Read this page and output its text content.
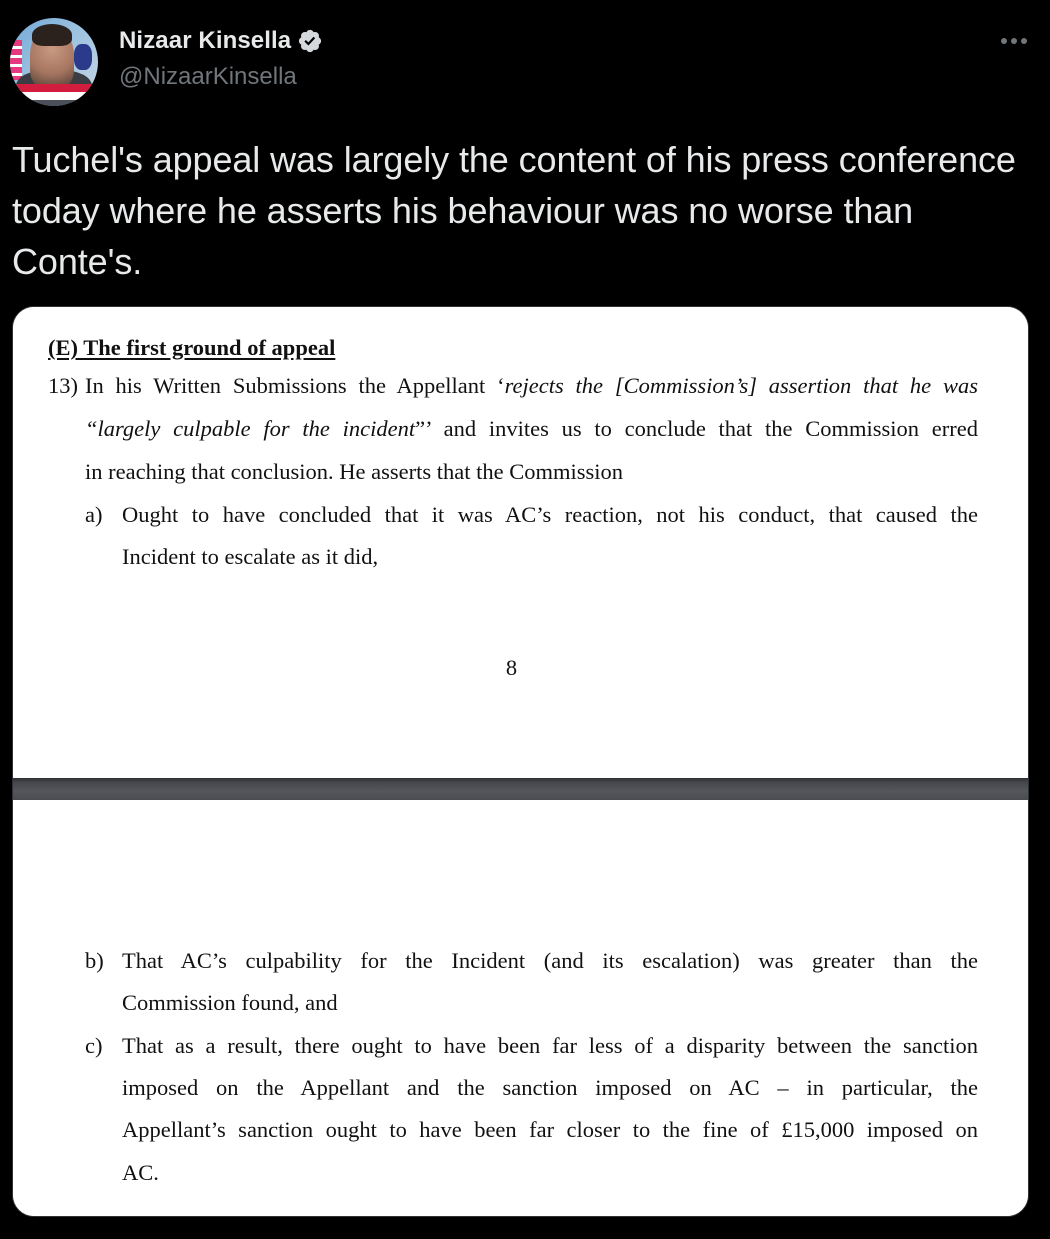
Nizaar Kinsella
@NizaarKinsella
Tuchel's appeal was largely the content of his press conference today where he asserts his behaviour was no worse than Conte's.
(E) The first ground of appeal
13) In his Written Submissions the Appellant ‘rejects the [Commission’s] assertion that he was
“largely culpable for the incident”’ and invites us to conclude that the Commission erred
in reaching that conclusion. He asserts that the Commission
a) Ought to have concluded that it was AC’s reaction, not his conduct, that caused the
Incident to escalate as it did,
8
b) That AC’s culpability for the Incident (and its escalation) was greater than the
Commission found, and
c) That as a result, there ought to have been far less of a disparity between the sanction
imposed on the Appellant and the sanction imposed on AC – in particular, the
Appellant’s sanction ought to have been far closer to the fine of £15,000 imposed on
AC.
